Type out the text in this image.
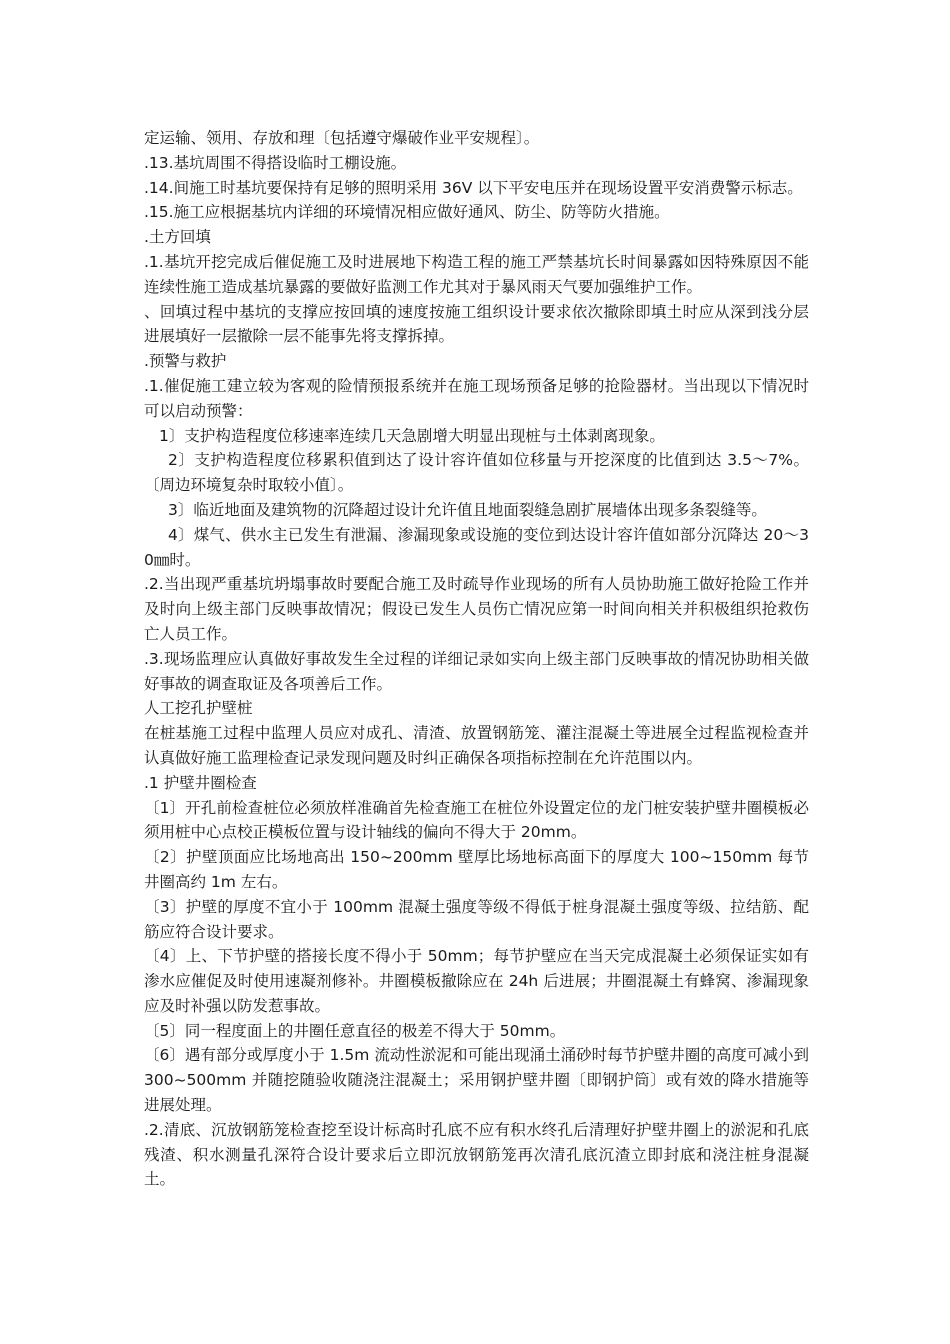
定运输、领用、存放和理〔包括遵守爆破作业平安规程〕。

.13.基坑周围不得搭设临时工棚设施。

.14.间施工时基坑要保持有足够的照明采用 36V 以下平安电压并在现场设置平安消费警示标志。

.15.施工应根据基坑内详细的环境情况相应做好通风、防尘、防等防火措施。

.土方回填

.1.基坑开挖完成后催促施工及时进展地下构造工程的施工严禁基坑长时间暴露如因特殊原因不能连续性施工造成基坑暴露的要做好监测工作尤其对于暴风雨天气要加强维护工作。

、回填过程中基坑的支撑应按回填的速度按施工组织设计要求依次撤除即填土时应从深到浅分层进展填好一层撤除一层不能事先将支撑拆掉。

.预警与救护

.1.催促施工建立较为客观的险情预报系统并在施工现场预备足够的抢险器材。当出现以下情况时可以启动预警：

1〕支护构造程度位移速率连续几天急剧增大明显出现桩与土体剥离现象。

2〕支护构造程度位移累积值到达了设计容许值如位移量与开挖深度的比值到达 3.5～7%。〔周边环境复杂时取较小值〕。

3〕临近地面及建筑物的沉降超过设计允许值且地面裂缝急剧扩展墙体出现多条裂缝等。

4〕煤气、供水主已发生有泄漏、渗漏现象或设施的变位到达设计容许值如部分沉降达 20～30㎜时。

.2.当出现严重基坑坍塌事故时要配合施工及时疏导作业现场的所有人员协助施工做好抢险工作并及时向上级主部门反映事故情况；假设已发生人员伤亡情况应第一时间向相关并积极组织抢救伤亡人员工作。

.3.现场监理应认真做好事故发生全过程的详细记录如实向上级主部门反映事故的情况协助相关做好事故的调查取证及各项善后工作。

人工挖孔护壁桩

在桩基施工过程中监理人员应对成孔、清渣、放置钢筋笼、灌注混凝土等进展全过程监视检查并认真做好施工监理检查记录发现问题及时纠正确保各项指标控制在允许范围以内。

.1 护壁井圈检查

〔1〕开孔前检查桩位必须放样准确首先检查施工在桩位外设置定位的龙门桩安装护壁井圈模板必须用桩中心点校正模板位置与设计轴线的偏向不得大于 20mm。

〔2〕护壁顶面应比场地高出 150~200mm 壁厚比场地标高面下的厚度大 100~150mm 每节井圈高约 1m 左右。

〔3〕护壁的厚度不宜小于 100mm 混凝土强度等级不得低于桩身混凝土强度等级、拉结筋、配筋应符合设计要求。

〔4〕上、下节护壁的搭接长度不得小于 50mm；每节护壁应在当天完成混凝土必须保证实如有渗水应催促及时使用速凝剂修补。井圈模板撤除应在 24h 后进展；井圈混凝土有蜂窝、渗漏现象应及时补强以防发惹事故。

〔5〕同一程度面上的井圈任意直径的极差不得大于 50mm。

〔6〕遇有部分或厚度小于 1.5m 流动性淤泥和可能出现涌土涌砂时每节护壁井圈的高度可减小到 300~500mm 并随挖随验收随浇注混凝土；采用钢护壁井圈〔即钢护筒〕或有效的降水措施等进展处理。

.2.清底、沉放钢筋笼检查挖至设计标高时孔底不应有积水终孔后清理好护壁井圈上的淤泥和孔底残渣、积水测量孔深符合设计要求后立即沉放钢筋笼再次清孔底沉渣立即封底和浇注桩身混凝土。
